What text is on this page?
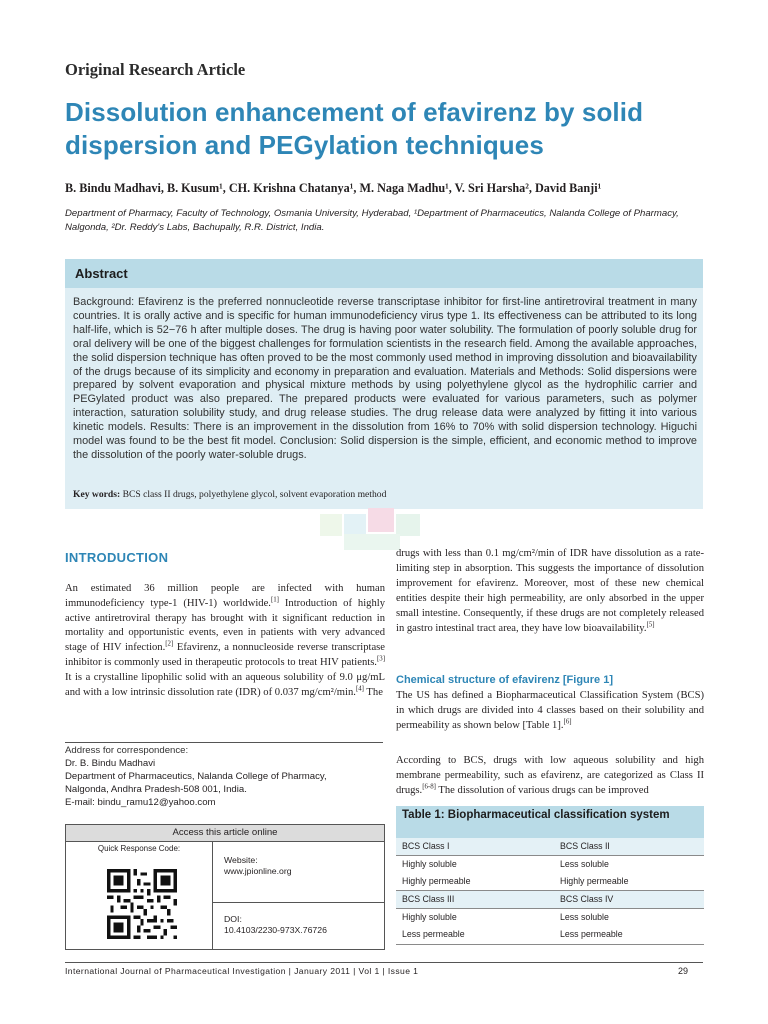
Original Research Article
Dissolution enhancement of efavirenz by solid dispersion and PEGylation techniques
B. Bindu Madhavi, B. Kusum¹, CH. Krishna Chatanya¹, M. Naga Madhu¹, V. Sri Harsha², David Banji¹
Department of Pharmacy, Faculty of Technology, Osmania University, Hyderabad, ¹Department of Pharmaceutics, Nalanda College of Pharmacy, Nalgonda, ²Dr. Reddy's Labs, Bachupally, R.R. District, India.
Abstract
Background: Efavirenz is the preferred nonnucleotide reverse transcriptase inhibitor for first-line antiretroviral treatment in many countries. It is orally active and is specific for human immunodeficiency virus type 1. Its effectiveness can be attributed to its long half-life, which is 52−76 h after multiple doses. The drug is having poor water solubility. The formulation of poorly soluble drug for oral delivery will be one of the biggest challenges for formulation scientists in the research field. Among the available approaches, the solid dispersion technique has often proved to be the most commonly used method in improving dissolution and bioavailability of the drugs because of its simplicity and economy in preparation and evaluation. Materials and Methods: Solid dispersions were prepared by solvent evaporation and physical mixture methods by using polyethylene glycol as the hydrophilic carrier and PEGylated product was also prepared. The prepared products were evaluated for various parameters, such as polymer interaction, saturation solubility study, and drug release studies. The drug release data were analyzed by fitting it into various kinetic models. Results: There is an improvement in the dissolution from 16% to 70% with solid dispersion technology. Higuchi model was found to be the best fit model. Conclusion: Solid dispersion is the simple, efficient, and economic method to improve the dissolution of the poorly water-soluble drugs.
Key words: BCS class II drugs, polyethylene glycol, solvent evaporation method
INTRODUCTION
An estimated 36 million people are infected with human immunodeficiency type-1 (HIV-1) worldwide.[1] Introduction of highly active antiretroviral therapy has brought with it significant reduction in mortality and opportunistic events, even in patients with very advanced stage of HIV infection.[2] Efavirenz, a nonnucleoside reverse transcriptase inhibitor is commonly used in therapeutic protocols to treat HIV patients.[3] It is a crystalline lipophilic solid with an aqueous solubility of 9.0 μg/mL and with a low intrinsic dissolution rate (IDR) of 0.037 mg/cm²/min.[4] The
Address for correspondence:
Dr. B. Bindu Madhavi
Department of Pharmaceutics, Nalanda College of Pharmacy,
Nalgonda, Andhra Pradesh-508 001, India.
E-mail: bindu_ramu12@yahoo.com
Access this article online
Quick Response Code:
Website:
www.jpionline.org
DOI:
10.4103/2230-973X.76726
drugs with less than 0.1 mg/cm²/min of IDR have dissolution as a rate-limiting step in absorption. This suggests the importance of dissolution improvement for efavirenz. Moreover, most of these new chemical entities despite their high permeability, are only absorbed in the upper small intestine. Consequently, if these drugs are not completely released in gastro intestinal tract area, they have low bioavailability.[5]
Chemical structure of efavirenz [Figure 1]
The US has defined a Biopharmaceutical Classification System (BCS) in which drugs are divided into 4 classes based on their solubility and permeability as shown below [Table 1].[6]
According to BCS, drugs with low aqueous solubility and high membrane permeability, such as efavirenz, are categorized as Class II drugs.[6-8] The dissolution of various drugs can be improved
Table 1: Biopharmaceutical classification system
BCS Class I	BCS Class II
Highly soluble	Less soluble
Highly permeable	Highly permeable
BCS Class III	BCS Class IV
Highly soluble	Less soluble
Less permeable	Less permeable
International Journal of Pharmaceutical Investigation | January 2011 | Vol 1 | Issue 1	29
